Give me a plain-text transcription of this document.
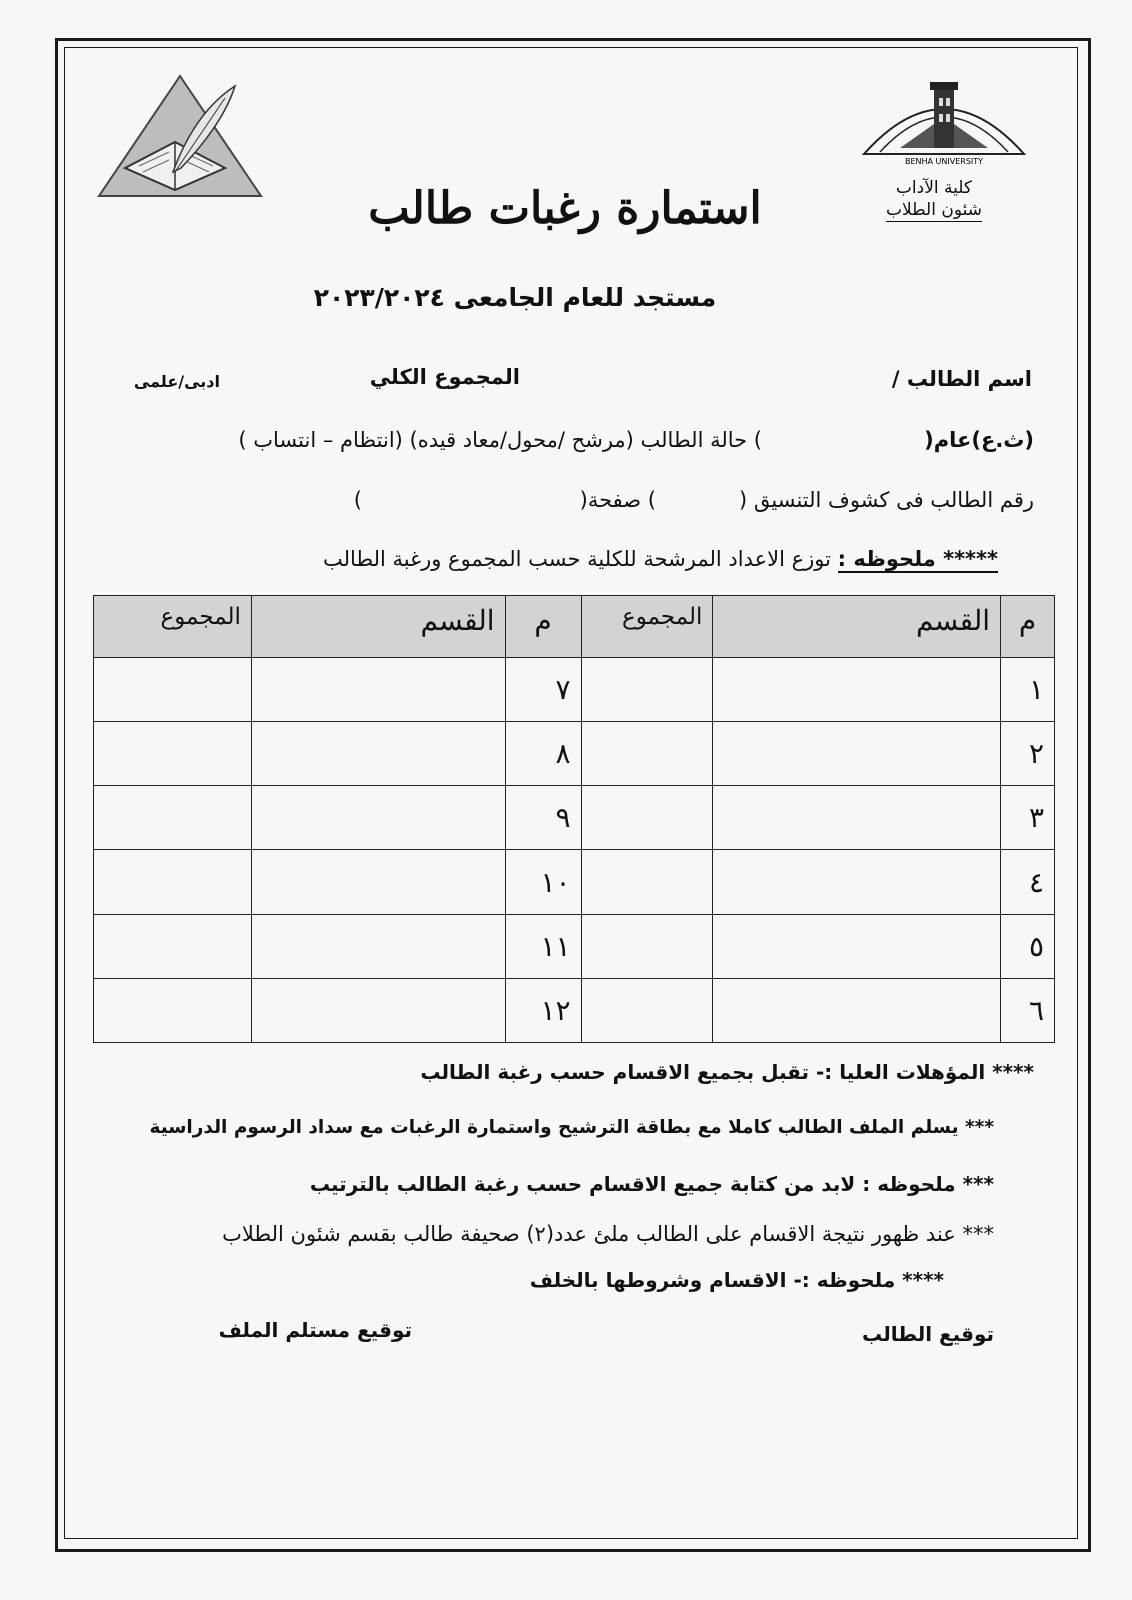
BENHA UNIVERSITY
كلية الآداب
شئون الطلاب
استمارة رغبات طالب
مستجد للعام الجامعى ٢٠٢٣/٢٠٢٤
اسم الطالب /
المجموع الكلي
ادبى/علمى
(ث.ع)عام(
) حالة الطالب (مرشح /محول/معاد قيده) (انتظام – انتساب )
رقم الطالب فى كشوف التنسيق (
) صفحة(
)
***** ملحوظه : توزع الاعداد المرشحة للكلية حسب المجموع ورغبة الطالب
م	القسم	المجموع	م	القسم	المجموع
١			٧		
٢			٨		
٣			٩		
٤			١٠		
٥			١١		
٦			١٢		
**** المؤهلات العليا :- تقبل بجميع الاقسام حسب رغبة الطالب
*** يسلم الملف الطالب كاملا مع بطاقة الترشيح واستمارة الرغبات مع سداد الرسوم الدراسية
*** ملحوظه : لابد من كتابة جميع الاقسام حسب رغبة الطالب بالترتيب
*** عند ظهور نتيجة الاقسام على الطالب ملئ عدد(٢) صحيفة طالب بقسم شئون الطلاب
**** ملحوظه :- الاقسام وشروطها بالخلف
توقيع الطالب
توقيع مستلم الملف
